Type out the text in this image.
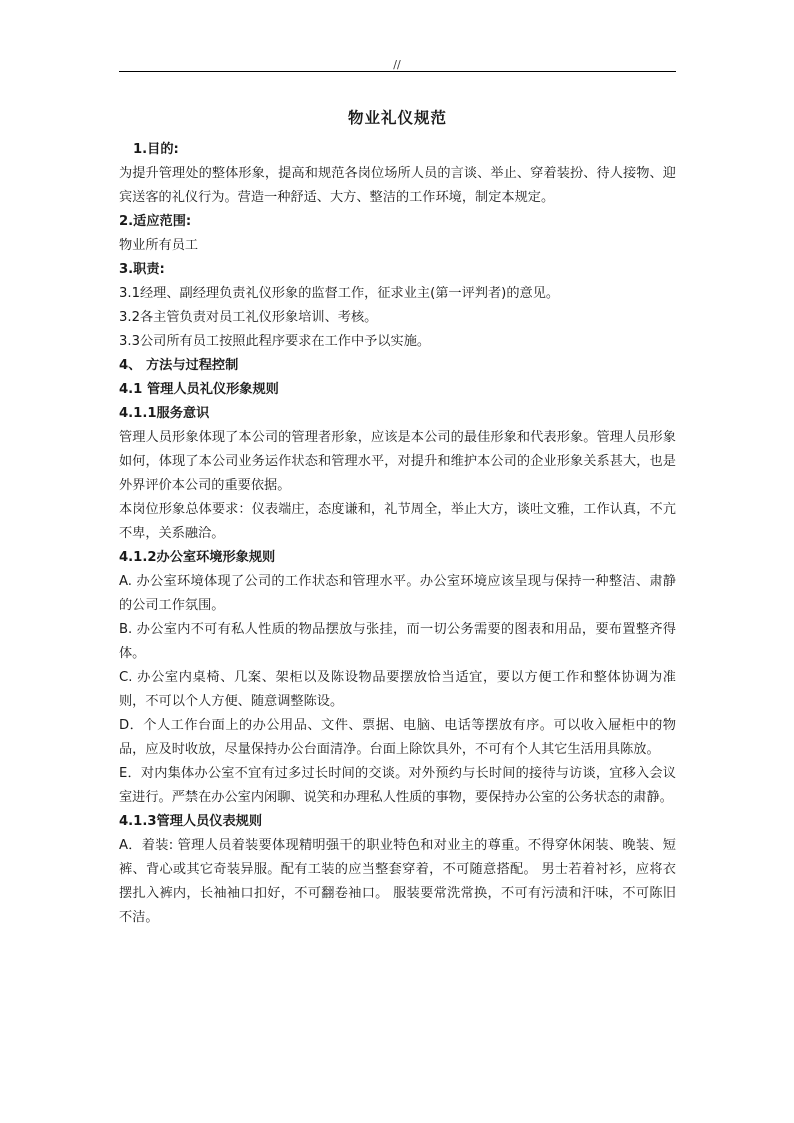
//

物业礼仪规范

1.目的:

为提升管理处的整体形象，提高和规范各岗位场所人员的言谈、举止、穿着装扮、待人接物、迎宾送客的礼仪行为。营造一种舒适、大方、整洁的工作环境，制定本规定。

2.适应范围:

物业所有员工

3.职责:

3.1经理、副经理负责礼仪形象的监督工作，征求业主(第一评判者)的意见。

3.2各主管负责对员工礼仪形象培训、考核。

3.3公司所有员工按照此程序要求在工作中予以实施。

4、 方法与过程控制

4.1 管理人员礼仪形象规则

4.1.1服务意识

管理人员形象体现了本公司的管理者形象，应该是本公司的最佳形象和代表形象。管理人员形象如何，体现了本公司业务运作状态和管理水平，对提升和维护本公司的企业形象关系甚大，也是外界评价本公司的重要依据。

本岗位形象总体要求：仪表端庄，态度谦和，礼节周全，举止大方，谈吐文雅，工作认真，不亢不卑，关系融洽。

4.1.2办公室环境形象规则

A. 办公室环境体现了公司的工作状态和管理水平。办公室环境应该呈现与保持一种整洁、肃静的公司工作氛围。

B. 办公室内不可有私人性质的物品摆放与张挂，而一切公务需要的图表和用品，要布置整齐得体。

C. 办公室内桌椅、几案、架柜以及陈设物品要摆放恰当适宜，要以方便工作和整体协调为准则，不可以个人方便、随意调整陈设。

D．个人工作台面上的办公用品、文件、票据、电脑、电话等摆放有序。可以收入屉柜中的物品，应及时收放，尽量保持办公台面清净。台面上除饮具外，不可有个人其它生活用具陈放。

E．对内集体办公室不宜有过多过长时间的交谈。对外预约与长时间的接待与访谈，宜移入会议室进行。严禁在办公室内闲聊、说笑和办理私人性质的事物，要保持办公室的公务状态的肃静。

4.1.3管理人员仪表规则

A．着装: 管理人员着装要体现精明强干的职业特色和对业主的尊重。不得穿休闲装、晚装、短裤、背心或其它奇装异服。配有工装的应当整套穿着，不可随意搭配。 男士若着衬衫，应将衣摆扎入裤内，长袖袖口扣好，不可翻卷袖口。 服装要常洗常换，不可有污渍和汗味，不可陈旧不洁。
